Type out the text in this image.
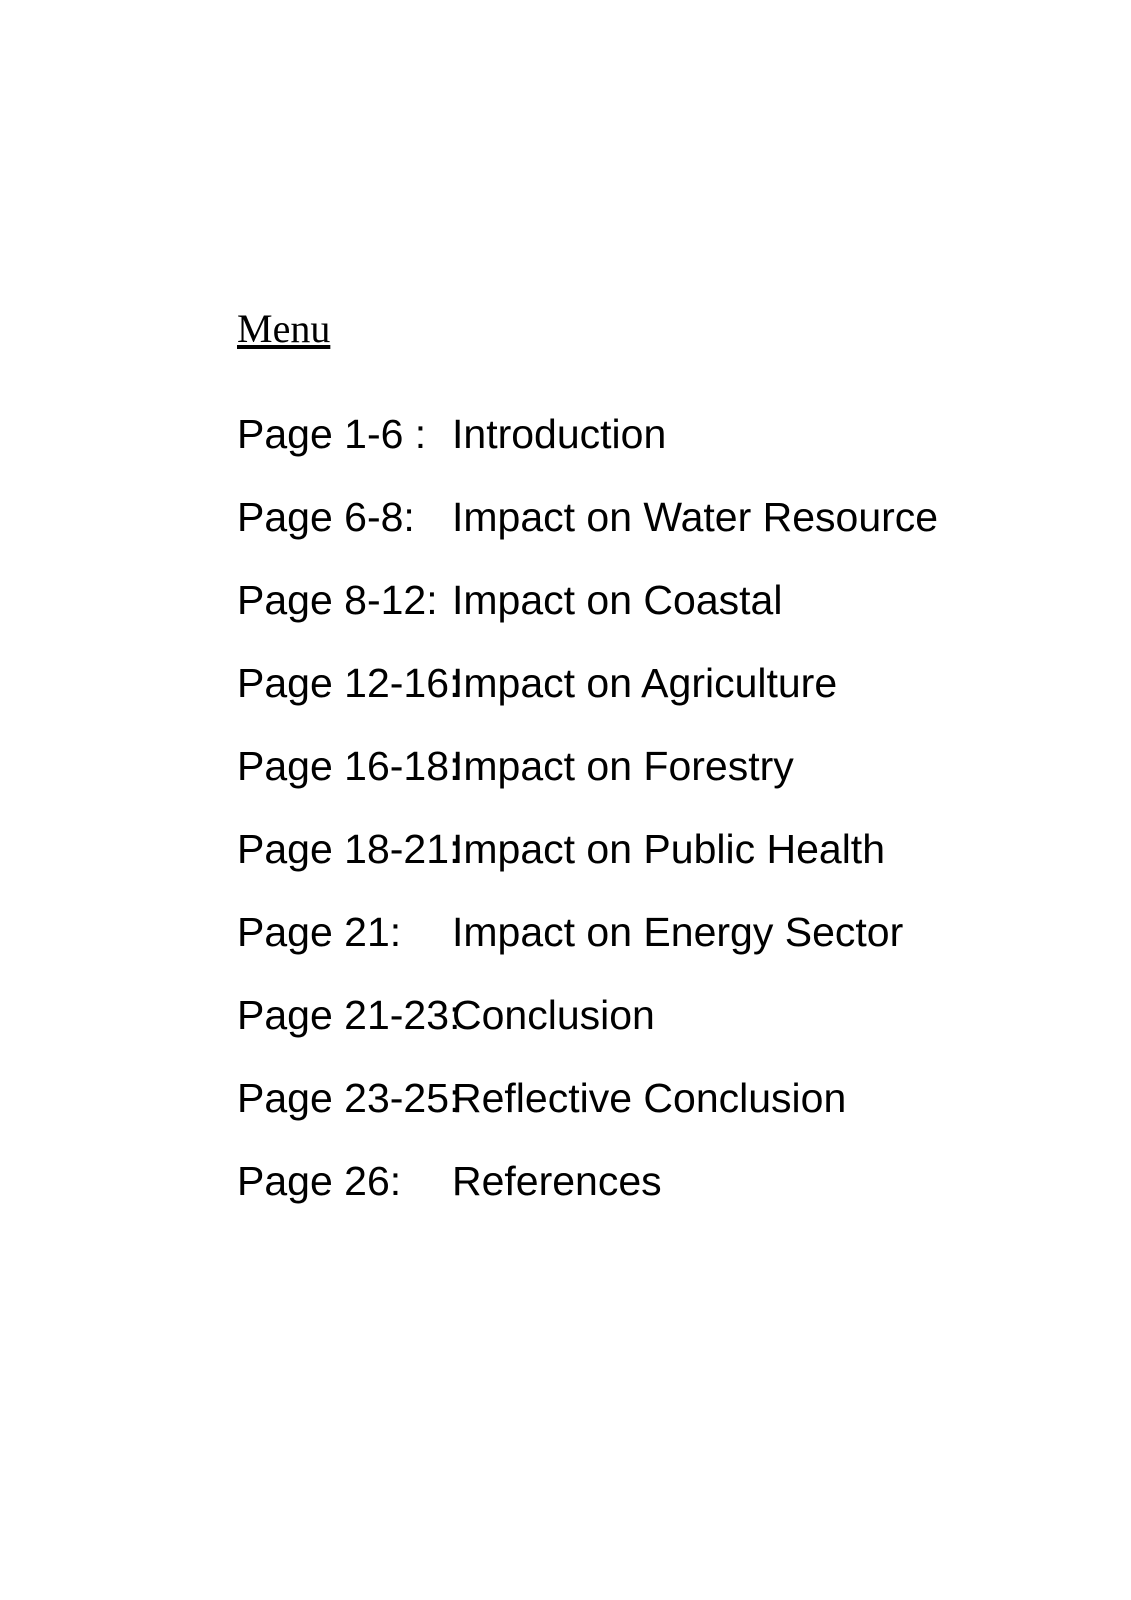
Menu
Page 1-6 : Introduction
Page 6-8: Impact on Water Resource
Page 8-12: Impact on Coastal
Page 12-16:
Impact on Agriculture
Page 16-18:
Impact on Forestry
Page 18-21:
Impact on Public Health
Page 21:	Impact on Energy Sector
Page 21-23:
Conclusion
Page 23-25:
Reflective Conclusion
Page 26:	References
